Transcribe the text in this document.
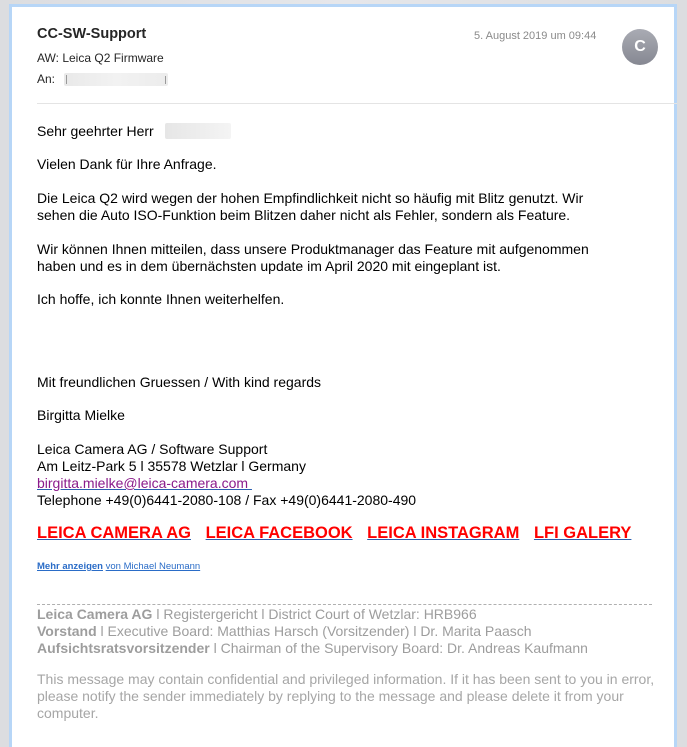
CC-SW-Support
AW: Leica Q2 Firmware
An:
5. August 2019 um 09:44
C
Sehr geehrter Herr
Vielen Dank für Ihre Anfrage.
Die Leica Q2 wird wegen der hohen Empfindlichkeit nicht so häufig mit Blitz genutzt. Wir
sehen die Auto ISO-Funktion beim Blitzen daher nicht als Fehler, sondern als Feature.
Wir können Ihnen mitteilen, dass unsere Produktmanager das Feature mit aufgenommen
haben und es in dem übernächsten update im April 2020 mit eingeplant ist.
Ich hoffe, ich konnte Ihnen weiterhelfen.
Mit freundlichen Gruessen / With kind regards
Birgitta Mielke
Leica Camera AG / Software Support
Am Leitz-Park 5 l 35578 Wetzlar l Germany
birgitta.mielke@leica-camera.com
Telephone +49(0)6441-2080-108 / Fax +49(0)6441-2080-490
LEICA CAMERA AG LEICA FACEBOOK LEICA INSTAGRAM LFI GALERY
Mehr anzeigen von Michael Neumann
Leica Camera AG l Registergericht l District Court of Wetzlar: HRB966
Vorstand l Executive Board: Matthias Harsch (Vorsitzender) l Dr. Marita Paasch
Aufsichtsratsvorsitzender l Chairman of the Supervisory Board: Dr. Andreas Kaufmann
This message may contain confidential and privileged information. If it has been sent to you in error, please notify the sender immediately by replying to the message and please delete it from your computer.
